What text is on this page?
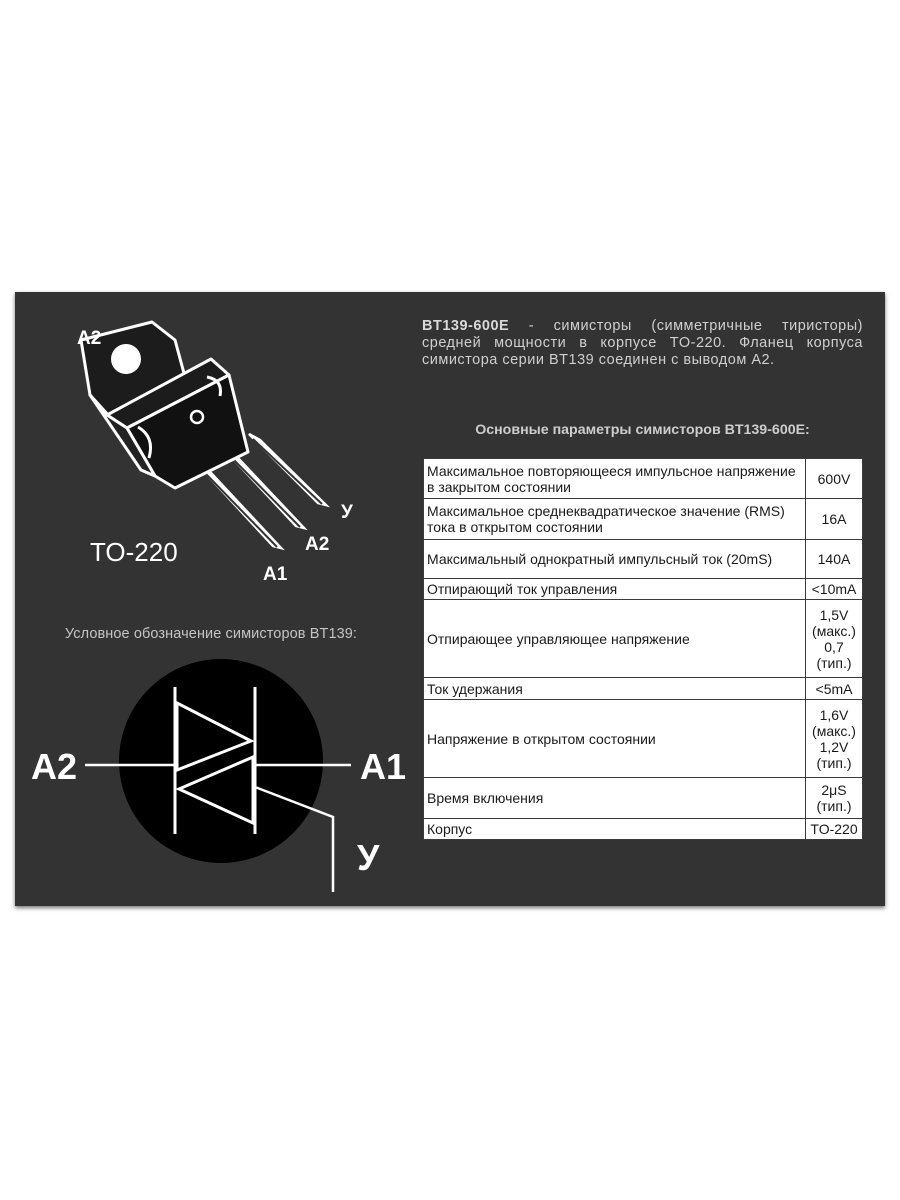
A2
У
A2
A1
TO-220
Условное обозначение симисторов BT139:
A2	A1
У
BT139-600E - симисторы (симметричные тиристоры) средней мощности в корпусе TO-220. Фланец корпуса симистора серии BT139 соединен с выводом A2.
Основные параметры симисторов BT139-600E:
Максимальное повторяющееся импульсное напряжение в закрытом состоянии	600V
Максимальное среднеквадратическое значение (RMS) тока в открытом состоянии	16A
Максимальный однократный импульсный ток (20mS)	140A
Отпирающий ток управления	<10mA
Отпирающее управляющее напряжение	1,5V (макс.) 0,7 (тип.)
Ток удержания	<5mA
Напряжение в открытом состоянии	1,6V (макс.) 1,2V (тип.)
Время включения	2μS (тип.)
Корпус	TO-220
